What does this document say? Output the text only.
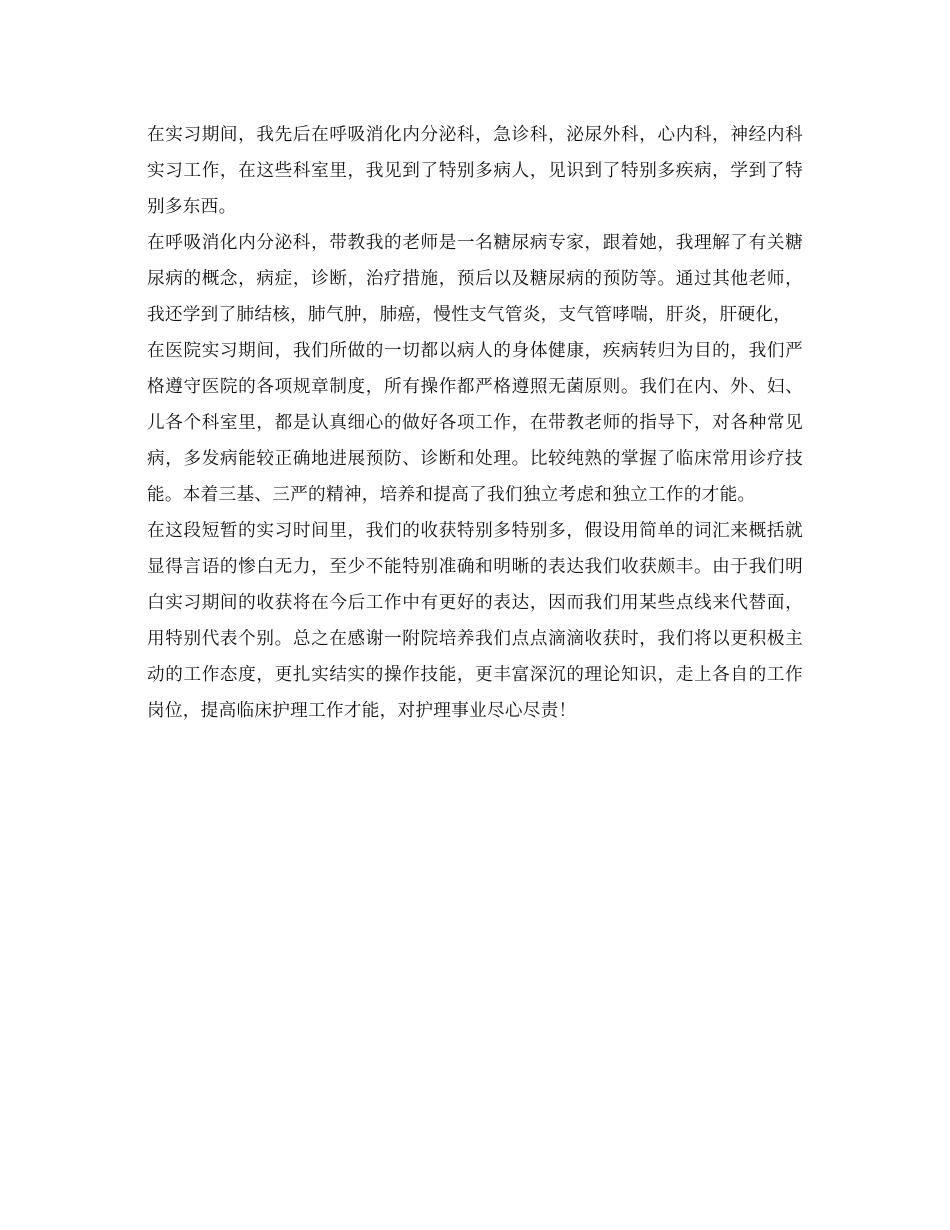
在实习期间，我先后在呼吸消化内分泌科，急诊科，泌尿外科，心内科，神经内科实习工作，在这些科室里，我见到了特别多病人，见识到了特别多疾病，学到了特别多东西。

在呼吸消化内分泌科，带教我的老师是一名糖尿病专家，跟着她，我理解了有关糖尿病的概念，病症，诊断，治疗措施，预后以及糖尿病的预防等。通过其他老师，我还学到了肺结核，肺气肿，肺癌，慢性支气管炎，支气管哮喘，肝炎，肝硬化，

在医院实习期间，我们所做的一切都以病人的身体健康，疾病转归为目的，我们严格遵守医院的各项规章制度，所有操作都严格遵照无菌原则。我们在内、外、妇、儿各个科室里，都是认真细心的做好各项工作，在带教老师的指导下，对各种常见病，多发病能较正确地进展预防、诊断和处理。比较纯熟的掌握了临床常用诊疗技能。本着三基、三严的精神，培养和提高了我们独立考虑和独立工作的才能。

在这段短暂的实习时间里，我们的收获特别多特别多，假设用简单的词汇来概括就显得言语的惨白无力，至少不能特别准确和明晰的表达我们收获颇丰。由于我们明白实习期间的收获将在今后工作中有更好的表达，因而我们用某些点线来代替面，用特别代表个别。总之在感谢一附院培养我们点点滴滴收获时，我们将以更积极主动的工作态度，更扎实结实的操作技能，更丰富深沉的理论知识，走上各自的工作岗位，提高临床护理工作才能，对护理事业尽心尽责！
